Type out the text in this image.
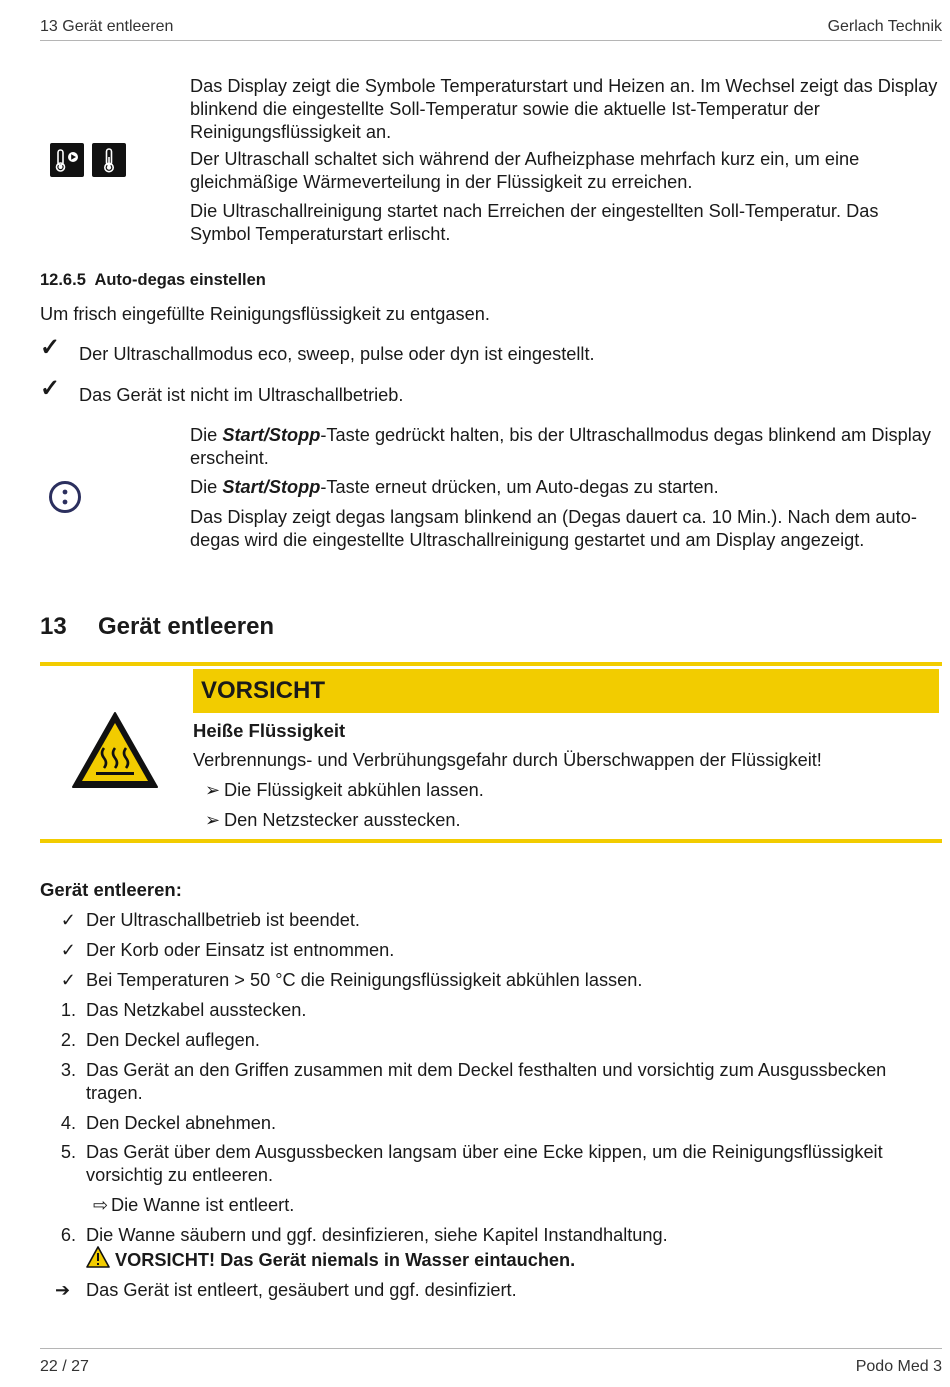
13 Gerät entleeren	Gerlach Technik

Das Display zeigt die Symbole Temperaturstart und Heizen an. Im Wechsel zeigt das Display blinkend die eingestellte Soll-Temperatur sowie die aktuelle Ist-Temperatur der Reinigungsflüssigkeit an.

Der Ultraschall schaltet sich während der Aufheizphase mehrfach kurz ein, um eine gleichmäßige Wärmeverteilung in der Flüssigkeit zu erreichen.

Die Ultraschallreinigung startet nach Erreichen der eingestellten Soll-Temperatur. Das Symbol Temperaturstart erlischt.

12.6.5 Auto-degas einstellen

Um frisch eingefüllte Reinigungsflüssigkeit zu entgasen.

✓ Der Ultraschallmodus eco, sweep, pulse oder dyn ist eingestellt.

✓ Das Gerät ist nicht im Ultraschallbetrieb.

Die Start/Stopp-Taste gedrückt halten, bis der Ultraschallmodus degas blinkend am Display erscheint.

Die Start/Stopp-Taste erneut drücken, um Auto-degas zu starten.

Das Display zeigt degas langsam blinkend an (Degas dauert ca. 10 Min.). Nach dem auto-degas wird die eingestellte Ultraschallreinigung gestartet und am Display angezeigt.

13 Gerät entleeren
VORSICHT
Heiße Flüssigkeit

Verbrennungs- und Verbrühungsgefahr durch Überschwappen der Flüssigkeit!

➢ Die Flüssigkeit abkühlen lassen.

➢ Den Netzstecker ausstecken.

Gerät entleeren:
✓ Der Ultraschallbetrieb ist beendet.

✓ Der Korb oder Einsatz ist entnommen.

✓ Bei Temperaturen > 50 °C die Reinigungsflüssigkeit abkühlen lassen.

1. Das Netzkabel ausstecken.

2. Den Deckel auflegen.

3. Das Gerät an den Griffen zusammen mit dem Deckel festhalten und vorsichtig zum Ausgussbecken tragen.

4. Den Deckel abnehmen.

5. Das Gerät über dem Ausgussbecken langsam über eine Ecke kippen, um die Reinigungsflüssigkeit vorsichtig zu entleeren.

⇨ Die Wanne ist entleert.

6. Die Wanne säubern und ggf. desinfizieren, siehe Kapitel Instandhaltung.

VORSICHT! Das Gerät niemals in Wasser eintauchen.

➔ Das Gerät ist entleert, gesäubert und ggf. desinfiziert.

22 / 27	Podo Med 3
